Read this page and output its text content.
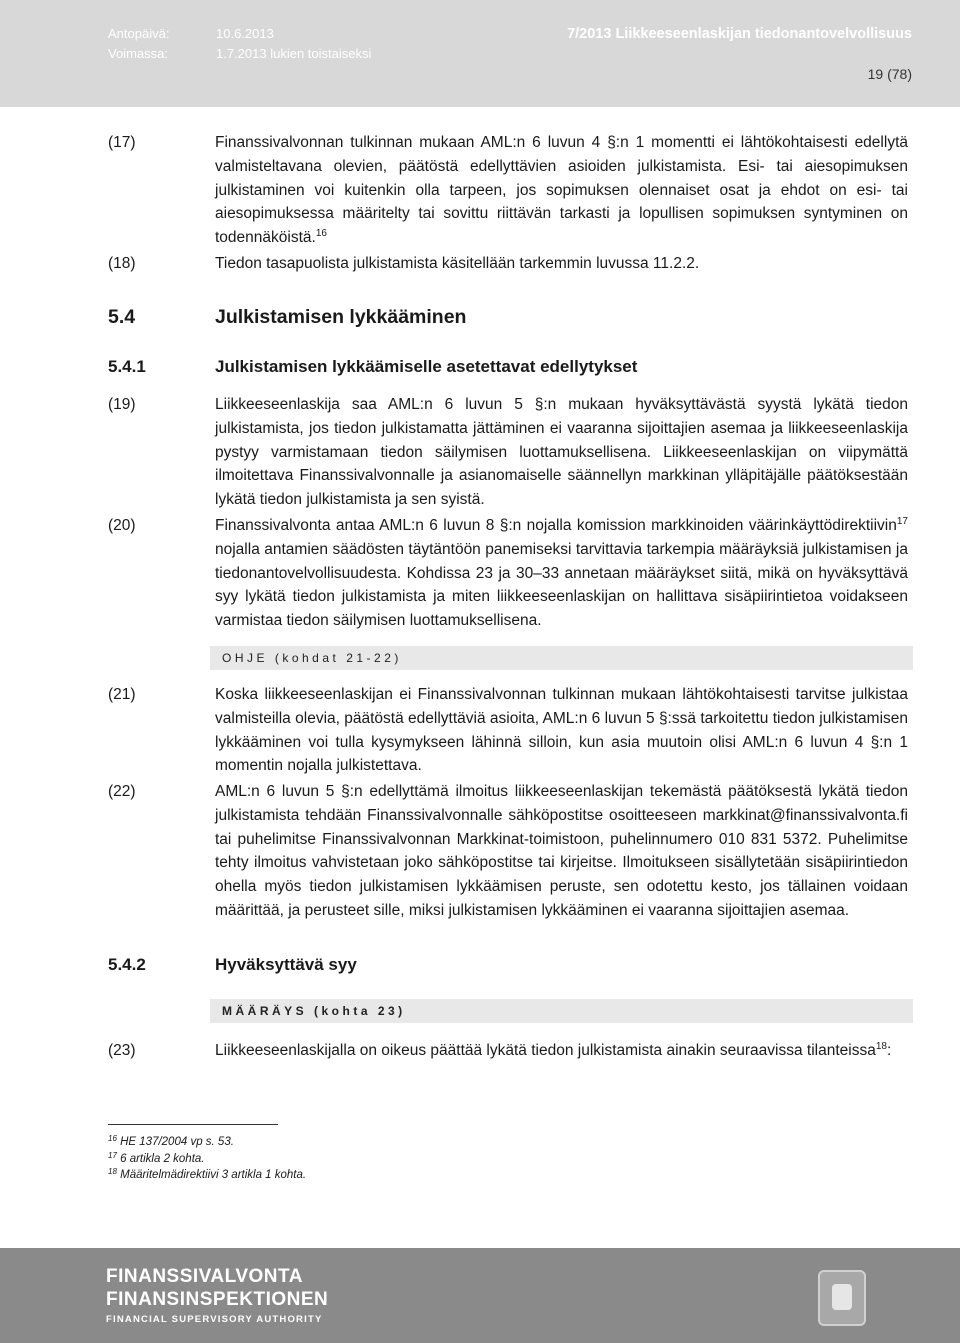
Antopäivä:	10.6.2013
Voimassa:	1.7.2013 lukien toistaiseksi
7/2013 Liikkeeseenlaskijan tiedonantovelvollisuus
19 (78)
(17)	Finanssivalvonnan tulkinnan mukaan AML:n 6 luvun 4 §:n 1 momentti ei lähtökohtaisesti edellytä valmisteltavana olevien, päätöstä edellyttävien asioiden julkistamista. Esi- tai aiesopimuksen julkistaminen voi kuitenkin olla tarpeen, jos sopimuksen olennaiset osat ja ehdot on esi- tai aiesopimuksessa määritelty tai sovittu riittävän tarkasti ja lopullisen sopimuksen syntyminen on todennäköistä.$^{16}$
(18)	Tiedon tasapuolista julkistamista käsitellään tarkemmin luvussa 11.2.2.
5.4	Julkistamisen lykkääminen
5.4.1	Julkistamisen lykkäämiselle asetettavat edellytykset
(19)	Liikkeeseenlaskija saa AML:n 6 luvun 5 §:n mukaan hyväksyttävästä syystä lykätä tiedon julkistamista, jos tiedon julkistamatta jättäminen ei vaaranna sijoittajien asemaa ja liikkeeseenlaskija pystyy varmistamaan tiedon säilymisen luottamuksellisena. Liikkeeseenlaskijan on viipymättä ilmoitettava Finanssivalvonnalle ja asianomaiselle säännellyn markkinan ylläpitäjälle päätöksestään lykätä tiedon julkistamista ja sen syistä.
(20)	Finanssivalvonta antaa AML:n 6 luvun 8 §:n nojalla komission markkinoiden väärinkäyttödirektiivin$^{17}$ nojalla antamien säädösten täytäntöön panemiseksi tarvittavia tarkempia määräyksiä julkistamisen ja tiedonantovelvollisuudesta. Kohdissa 23 ja 30–33 annetaan määräykset siitä, mikä on hyväksyttävä syy lykätä tiedon julkistamista ja miten liikkeeseenlaskijan on hallittava sisäpiirintietoa voidakseen varmistaa tiedon säilymisen luottamuksellisena.
OHJE (kohdat 21-22)
(21)	Koska liikkeeseenlaskijan ei Finanssivalvonnan tulkinnan mukaan lähtökohtaisesti tarvitse julkistaa valmisteilla olevia, päätöstä edellyttäviä asioita, AML:n 6 luvun 5 §:ssä tarkoitettu tiedon julkistamisen lykkääminen voi tulla kysymykseen lähinnä silloin, kun asia muutoin olisi AML:n 6 luvun 4 §:n 1 momentin nojalla julkistettava.
(22)	AML:n 6 luvun 5 §:n edellyttämä ilmoitus liikkeeseenlaskijan tekemästä päätöksestä lykätä tiedon julkistamista tehdään Finanssivalvonnalle sähköpostitse osoitteeseen markkinat@finanssivalvonta.fi tai puhelimitse Finanssivalvonnan Markkinat-toimistoon, puhelinnumero 010 831 5372. Puhelimitse tehty ilmoitus vahvistetaan joko sähköpostitse tai kirjeitse. Ilmoitukseen sisällytetään sisäpiirintiedon ohella myös tiedon julkistamisen lykkäämisen peruste, sen odotettu kesto, jos tällainen voidaan määrittää, ja perusteet sille, miksi julkistamisen lykkääminen ei vaaranna sijoittajien asemaa.
5.4.2	Hyväksyttävä syy
MÄÄRÄYS (kohta 23)
(23)	Liikkeeseenlaskijalla on oikeus päättää lykätä tiedon julkistamista ainakin seuraavissa tilanteissa$^{18}$:
$^{16}$ HE 137/2004 vp s. 53.
$^{17}$ 6 artikla 2 kohta.
$^{18}$ Määritelmädirektiivi 3 artikla 1 kohta.
FINANSSIVALVONTA
FINANSINSPEKTIONEN
FINANCIAL SUPERVISORY AUTHORITY
